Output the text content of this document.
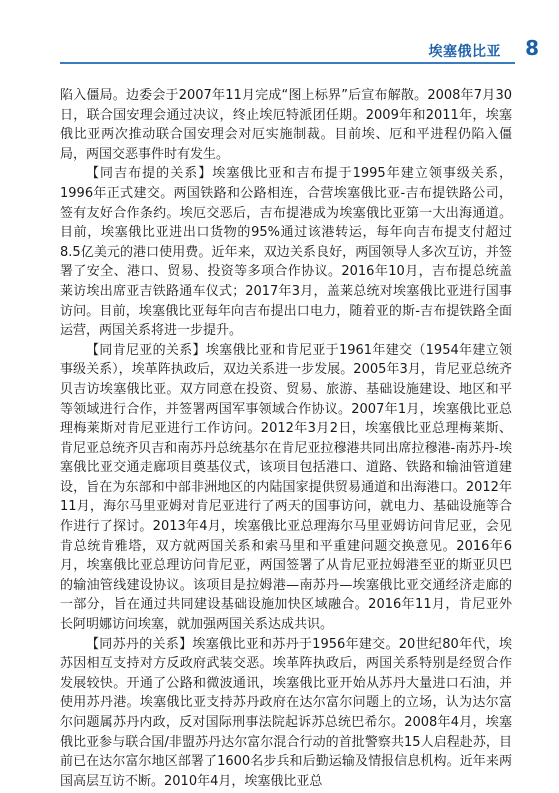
埃塞俄比亚 8

陷入僵局。边委会于2007年11月完成“图上标界”后宣布解散。2008年7月30日，联合国安理会通过决议，终止埃厄特派团任期。2009年和2011年，埃塞俄比亚两次推动联合国安理会对厄实施制裁。目前埃、厄和平进程仍陷入僵局，两国交恶事件时有发生。

【同吉布提的关系】埃塞俄比亚和吉布提于1995年建立领事级关系，1996年正式建交。两国铁路和公路相连，合营埃塞俄比亚-吉布提铁路公司，签有友好合作条约。埃厄交恶后，吉布提港成为埃塞俄比亚第一大出海通道。目前，埃塞俄比亚进出口货物的95%通过该港转运，每年向吉布提支付超过8.5亿美元的港口使用费。近年来，双边关系良好，两国领导人多次互访，并签署了安全、港口、贸易、投资等多项合作协议。2016年10月，吉布提总统盖莱访埃出席亚吉铁路通车仪式；2017年3月，盖莱总统对埃塞俄比亚进行国事访问。目前，埃塞俄比亚每年向吉布提出口电力，随着亚的斯-吉布提铁路全面运营，两国关系将进一步提升。

【同肯尼亚的关系】埃塞俄比亚和肯尼亚于1961年建交（1954年建立领事级关系），埃革阵执政后，双边关系进一步发展。2005年3月，肯尼亚总统齐贝吉访埃塞俄比亚。双方同意在投资、贸易、旅游、基础设施建设、地区和平等领域进行合作，并签署两国军事领域合作协议。2007年1月，埃塞俄比亚总理梅莱斯对肯尼亚进行工作访问。2012年3月2日，埃塞俄比亚总理梅莱斯、肯尼亚总统齐贝吉和南苏丹总统基尔在肯尼亚拉穆港共同出席拉穆港-南苏丹-埃塞俄比亚交通走廊项目奠基仪式，该项目包括港口、道路、铁路和输油管道建设，旨在为东部和中部非洲地区的内陆国家提供贸易通道和出海港口。2012年11月，海尔马里亚姆对肯尼亚进行了两天的国事访问，就电力、基础设施等合作进行了探讨。2013年4月，埃塞俄比亚总理海尔马里亚姆访问肯尼亚，会见肯总统肯雅塔，双方就两国关系和索马里和平重建问题交换意见。2016年6月，埃塞俄比亚总理访问肯尼亚，两国签署了从肯尼亚拉姆港至亚的斯亚贝巴的输油管线建设协议。该项目是拉姆港—南苏丹—埃塞俄比亚交通经济走廊的一部分，旨在通过共同建设基础设施加快区域融合。2016年11月，肯尼亚外长阿明娜访问埃塞，就加强两国关系达成共识。

【同苏丹的关系】埃塞俄比亚和苏丹于1956年建交。20世纪80年代，埃苏因相互支持对方反政府武装交恶。埃革阵执政后，两国关系特别是经贸合作发展较快。开通了公路和微波通讯，埃塞俄比亚开始从苏丹大量进口石油，并使用苏丹港。埃塞俄比亚支持苏丹政府在达尔富尔问题上的立场，认为达尔富尔问题属苏丹内政，反对国际刑事法院起诉苏总统巴希尔。2008年4月，埃塞俄比亚参与联合国/非盟苏丹达尔富尔混合行动的首批警察共15人启程赴苏，目前已在达尔富尔地区部署了1600名步兵和后勤运输及情报信息机构。近年来两国高层互访不断。2010年4月，埃塞俄比亚总
